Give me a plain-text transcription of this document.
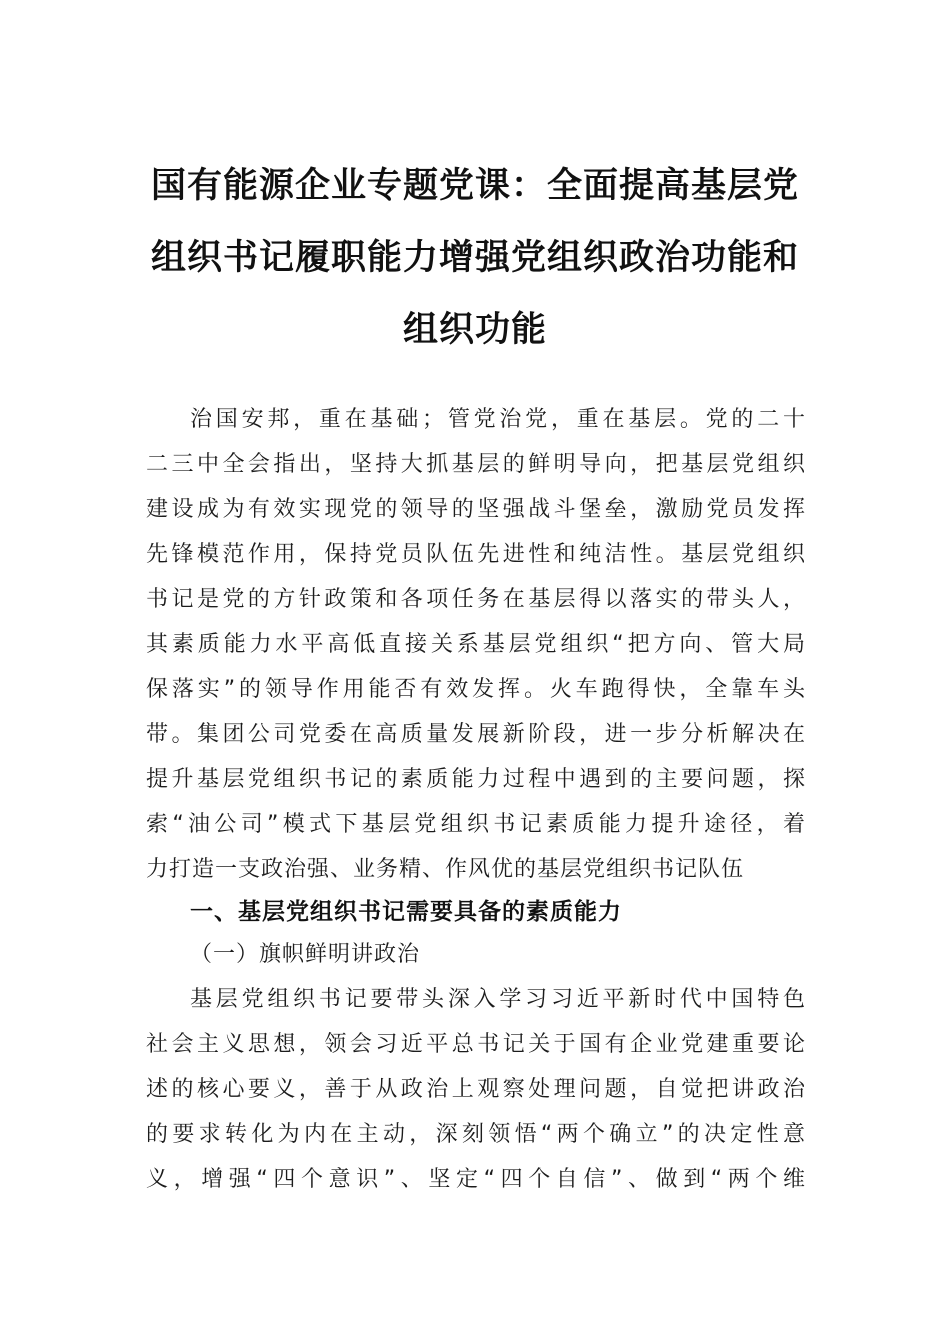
国有能源企业专题党课：全面提高基层党
组织书记履职能力增强党组织政治功能和
组织功能
治国安邦，重在基础；管党治党，重在基层。党的二十
二三中全会指出，坚持大抓基层的鲜明导向，把基层党组织
建设成为有效实现党的领导的坚强战斗堡垒，激励党员发挥
先锋模范作用，保持党员队伍先进性和纯洁性。基层党组织
书记是党的方针政策和各项任务在基层得以落实的带头人，
其素质能力水平高低直接关系基层党组织“把方向、管大局
保落实”的领导作用能否有效发挥。火车跑得快，全靠车头
带。集团公司党委在高质量发展新阶段，进一步分析解决在
提升基层党组织书记的素质能力过程中遇到的主要问题，探
索“油公司”模式下基层党组织书记素质能力提升途径，着
力打造一支政治强、业务精、作风优的基层党组织书记队伍
一、基层党组织书记需要具备的素质能力
（一）旗帜鲜明讲政治
基层党组织书记要带头深入学习习近平新时代中国特色
社会主义思想，领会习近平总书记关于国有企业党建重要论
述的核心要义，善于从政治上观察处理问题，自觉把讲政治
的要求转化为内在主动，深刻领悟“两个确立”的决定性意
义，增强“四个意识”、坚定“四个自信”、做到“两个维
